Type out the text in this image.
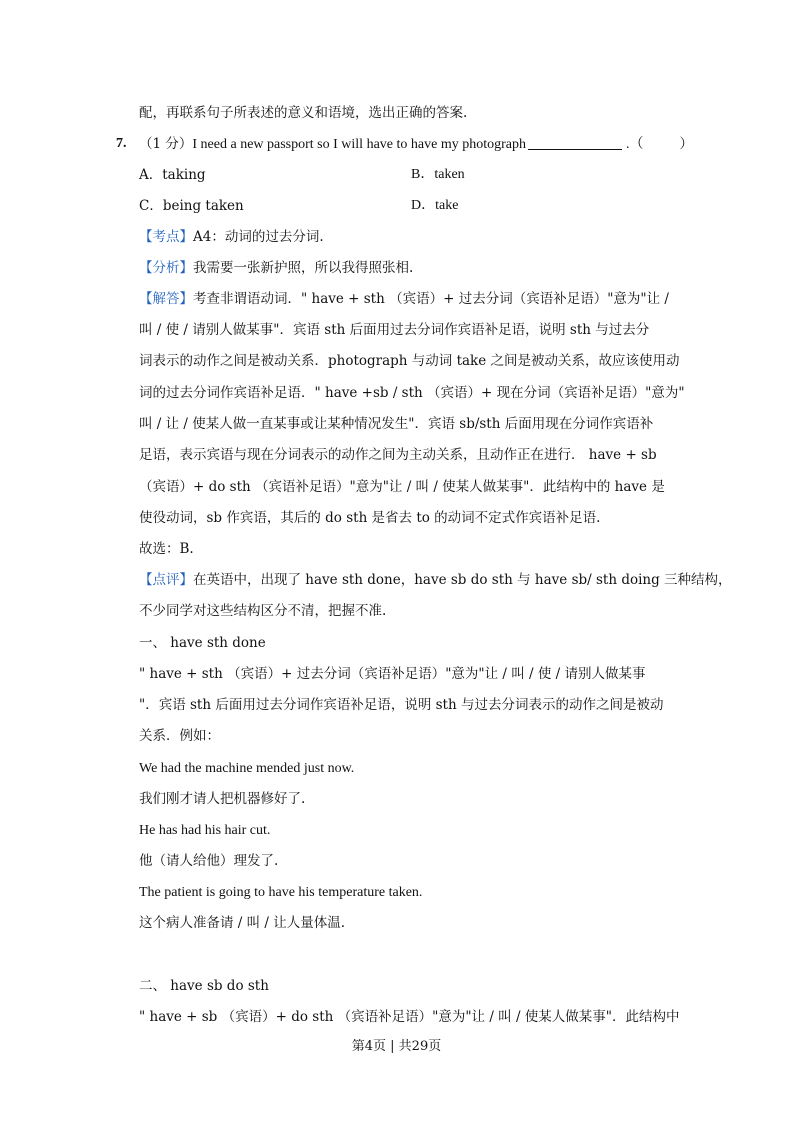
配，再联系句子所表述的意义和语境，选出正确的答案.
7. （1 分）I need a new passport so I will have to have my photograph	.（	）
A．taking	B．taken
C．being taken	D．take
【考点】A4：动词的过去分词.
【分析】我需要一张新护照，所以我得照张相.
【解答】考查非谓语动词．" have + sth （宾语）+ 过去分词（宾语补足语）"意为"让 /
叫 / 使 / 请别人做某事"．宾语 sth 后面用过去分词作宾语补足语，说明 sth 与过去分
词表示的动作之间是被动关系．photograph 与动词 take 之间是被动关系，故应该使用动
词的过去分词作宾语补足语．" have +sb / sth （宾语）+ 现在分词（宾语补足语）"意为"
叫 / 让 / 使某人做一直某事或让某种情况发生"．宾语 sb/sth 后面用现在分词作宾语补
足语，表示宾语与现在分词表示的动作之间为主动关系，且动作正在进行． have + sb
（宾语）+ do sth （宾语补足语）"意为"让 / 叫 / 使某人做某事"．此结构中的 have 是
使役动词，sb 作宾语，其后的 do sth 是省去 to 的动词不定式作宾语补足语.
故选：B.
【点评】在英语中，出现了 have sth done，have sb do sth 与 have sb/ sth doing 三种结构，
不少同学对这些结构区分不清，把握不准.
一、 have sth done
" have + sth （宾语）+ 过去分词（宾语补足语）"意为"让 / 叫 / 使 / 请别人做某事
"．宾语 sth 后面用过去分词作宾语补足语，说明 sth 与过去分词表示的动作之间是被动
关系．例如：
We had the machine mended just now.
我们刚才请人把机器修好了.
He has had his hair cut.
他（请人给他）理发了.
The patient is going to have his temperature taken.
这个病人准备请 / 叫 / 让人量体温.
二、 have sb do sth
" have + sb （宾语）+ do sth （宾语补足语）"意为"让 / 叫 / 使某人做某事"．此结构中
第4页 | 共29页
